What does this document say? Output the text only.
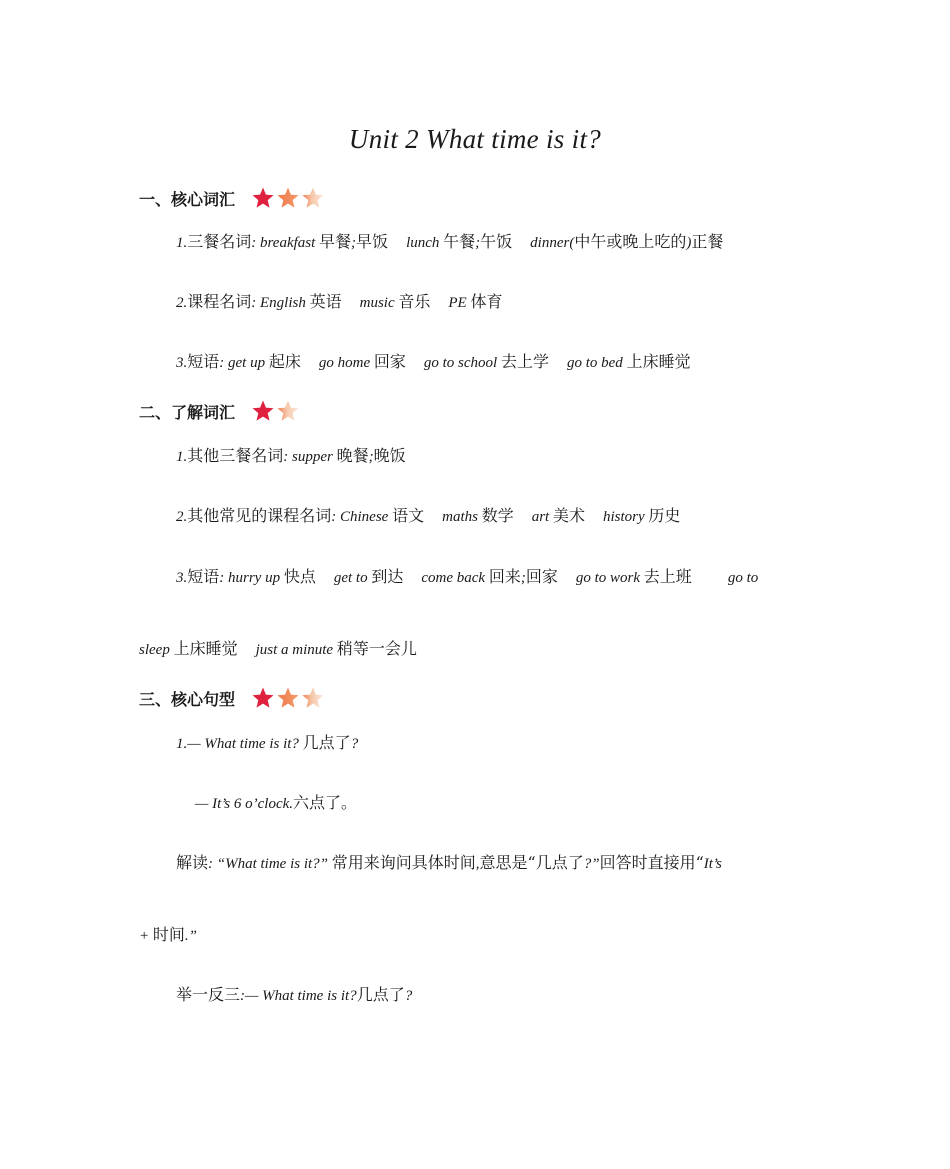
Unit 2 What time is it?
一、核心词汇
1.三餐名词: breakfast 早餐;早饭 lunch 午餐;午饭 dinner(中午或晚上吃的)正餐
2.课程名词: English 英语 music 音乐 PE 体育
3.短语: get up 起床 go home 回家 go to school 去上学 go to bed 上床睡觉
二、了解词汇
1.其他三餐名词: supper 晚餐;晚饭
2.其他常见的课程名词: Chinese 语文 maths 数学 art 美术 history 历史
3.短语: hurry up 快点 get to 到达 come back 回来;回家 go to work 去上班 go to
sleep 上床睡觉 just a minute 稍等一会儿
三、核心句型
1.— What time is it? 几点了?
— It’s 6 o’clock.六点了。
解读: “What time is it?” 常用来询问具体时间,意思是“几点了?”回答时直接用“It’s
+ 时间.”
举一反三:— What time is it?几点了?
